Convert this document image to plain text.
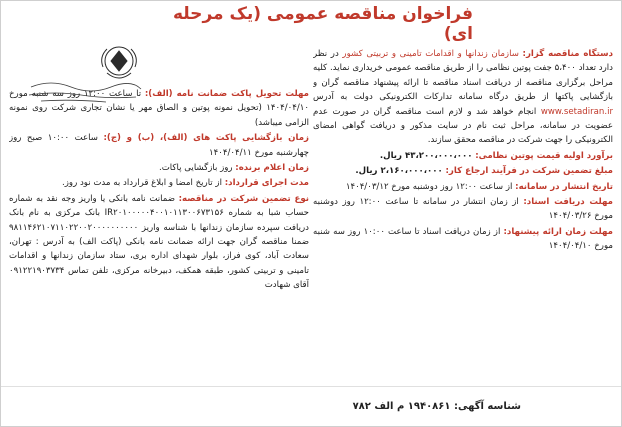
فراخوان مناقصه عمومی (یک مرحله ای)

دستگاه مناقصه گزار: سازمان زندانها و اقدامات تامینی و تربیتی کشور در نظر دارد تعداد ۵،۴۰۰ جفت پوتین نظامی را از طریق مناقصه عمومی خریداری نماید. کلیه مراحل برگزاری مناقصه از دریافت اسناد مناقصه تا ارائه پیشنهاد مناقصه گران و بازگشایی پاکتها از طریق درگاه سامانه تدارکات الکترونیکی دولت به آدرس www.setadiran.ir انجام خواهد شد و لازم است مناقصه گران در صورت عدم عضویت در سامانه، مراحل ثبت نام در سایت مذکور و دریافت گواهی امضای الکترونیکی را جهت شرکت در مناقصه محقق سازند.

برآورد اولیه قیمت پوتین نظامی: ۴۳،۲۰۰،۰۰۰،۰۰۰ ریال.

مبلغ تضمین شرکت در فرآیند ارجاع کار: ۲،۱۶۰،۰۰۰،۰۰۰ ریال.

تاریخ انتشار در سامانه: از ساعت ۱۲:۰۰ روز دوشنبه مورخ ۱۴۰۴/۰۳/۱۲

مهلت دریافت اسناد: از زمان انتشار در سامانه تا ساعت ۱۲:۰۰ روز دوشنبه مورخ ۱۴۰۴/۰۳/۲۶

مهلت زمان ارائه پیشنهاد: از زمان دریافت اسناد تا ساعت ۱۰:۰۰ روز سه شنبه مورخ ۱۴۰۴/۰۴/۱۰

مهلت تحویل پاکت ضمانت نامه (الف): تا ساعت ۱۲:۰۰ روز سه شنبه مورخ ۱۴۰۴/۰۴/۱۰ (تحویل نمونه پوتین و الصاق مهر یا نشان تجاری شرکت روی نمونه الزامی میباشد)

زمان بازگشایی پاکت های (الف)، (ب) و (ج): ساعت ۱۰:۰۰ صبح روز چهارشنبه مورخ ۱۴۰۴/۰۴/۱۱

زمان اعلام برنده: روز بازگشایی پاکات.

مدت اجرای قرارداد: از تاریخ امضا و ابلاغ قرارداد به مدت نود روز.

نوع تضمین شرکت در مناقصه: ضمانت نامه بانکی یا واریز وجه نقد به شماره حساب شبا به شماره IR۲۰۱۰۰۰۰۰۴۰۰۱۰۱۱۳۰۰۶۷۳۱۵۶ بانک مرکزی به نام بانک دریافت سپرده سازمان زندانها با شناسه واریز ۹۸۱۱۴۶۲۱۰۷۱۱۰۲۲۰۰۲۰۰۰۰۰۰۰۰۰۰ ضمنا مناقصه گران جهت ارائه ضمانت نامه بانکی (پاکت الف) به آدرس : تهران، سعادت آباد، کوی فراز، بلوار شهدای اداره بری، ستاد سازمان زندانها و اقدامات تامینی و تربیتی کشور، طبقه همکف، دبیرخانه مرکزی، تلفن تماس ۰۹۱۲۲۱۹۰۳۷۳۴ آقای شهادت

شناسه آگهی: ۱۹۴۰۸۶۱ م الف ۷۸۲
